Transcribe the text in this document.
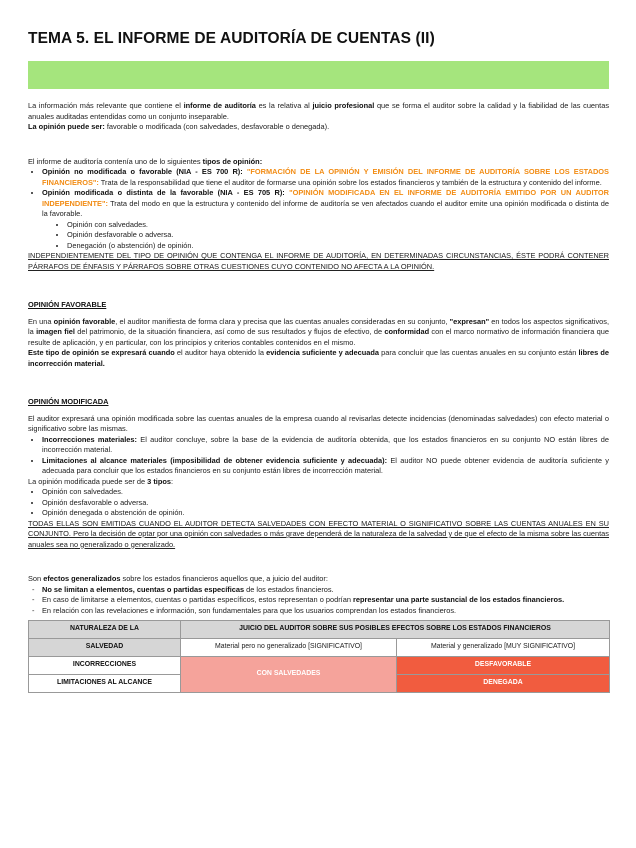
TEMA 5. EL INFORME DE AUDITORÍA DE CUENTAS (II)

La información más relevante que contiene el informe de auditoría es la relativa al juicio profesional que se forma el auditor sobre la calidad y la fiabilidad de las cuentas anuales auditadas entendidas como un conjunto inseparable.

La opinión puede ser: favorable o modificada (con salvedades, desfavorable o denegada).

El informe de auditoría contenía uno de lo siguientes tipos de opinión:

• Opinión no modificada o favorable (NIA - ES 700 R): "FORMACIÓN DE LA OPINIÓN Y EMISIÓN DEL INFORME DE AUDITORÍA SOBRE LOS ESTADOS FINANCIEROS": Trata de la responsabilidad que tiene el auditor de formarse una opinión sobre los estados financieros y también de la estructura y contenido del informe.
• Opinión modificada o distinta de la favorable (NIA - ES 705 R): "OPINIÓN MODIFICADA EN EL INFORME DE AUDITORÍA EMITIDO POR UN AUDITOR INDEPENDIENTE": Trata del modo en que la estructura y contenido del informe de auditoría se ven afectados cuando el auditor emite una opinión modificada o distinta de la favorable.
• Opinión con salvedades.
• Opinión desfavorable o adversa.
• Denegación (o abstención) de opinión.

INDEPENDIENTEMENTE DEL TIPO DE OPINIÓN QUE CONTENGA EL INFORME DE AUDITORÍA, EN DETERMINADAS CIRCUNSTANCIAS, ÉSTE PODRÁ CONTENER PÁRRAFOS DE ÉNFASIS Y PÁRRAFOS SOBRE OTRAS CUESTIONES CUYO CONTENIDO NO AFECTA A LA OPINIÓN.

OPINIÓN FAVORABLE

En una opinión favorable, el auditor manifiesta de forma clara y precisa que las cuentas anuales consideradas en su conjunto, "expresan" en todos los aspectos significativos, la imagen fiel del patrimonio, de la situación financiera, así como de sus resultados y flujos de efectivo, de conformidad con el marco normativo de información financiera que resulte de aplicación, y en particular, con los principios y criterios contables contenidos en el mismo.

Este tipo de opinión se expresará cuando el auditor haya obtenido la evidencia suficiente y adecuada para concluir que las cuentas anuales en su conjunto están libres de incorrección material.

OPINIÓN MODIFICADA

El auditor expresará una opinión modificada sobre las cuentas anuales de la empresa cuando al revisarlas detecte incidencias (denominadas salvedades) con efecto material o significativo sobre las mismas.

• Incorrecciones materiales: El auditor concluye, sobre la base de la evidencia de auditoría obtenida, que los estados financieros en su conjunto NO están libres de incorrección material.
• Limitaciones al alcance materiales (imposibilidad de obtener evidencia suficiente y adecuada): El auditor NO puede obtener evidencia de auditoría suficiente y adecuada para concluir que los estados financieros en su conjunto están libres de incorrección material.

La opinión modificada puede ser de 3 tipos:

• Opinión con salvedades.
• Opinión desfavorable o adversa.
• Opinión denegada o abstención de opinión.

TODAS ELLAS SON EMITIDAS CUANDO EL AUDITOR DETECTA SALVEDADES CON EFECTO MATERIAL O SIGNIFICATIVO SOBRE LAS CUENTAS ANUALES EN SU CONJUNTO. Pero la decisión de optar por una opinión con salvedades o más grave dependerá de la naturaleza de la salvedad y de que el efecto de la misma sobre las cuentas anuales sea no generalizado o generalizado.

Son efectos generalizados sobre los estados financieros aquellos que, a juicio del auditor:

- No se limitan a elementos, cuentas o partidas específicas de los estados financieros.
- En caso de limitarse a elementos, cuentas o partidas específicos, estos representan o podrían representar una parte sustancial de los estados financieros.
- En relación con las revelaciones e información, son fundamentales para que los usuarios comprendan los estados financieros.
NATURALEZA DE LA	JUICIO DEL AUDITOR SOBRE SUS POSIBLES EFECTOS SOBRE LOS ESTADOS FINANCIEROS	
SALVEDAD	Material pero no generalizado [SIGNIFICATIVO]	Material y generalizado [MUY SIGNIFICATIVO]
INCORRECCIONES	CON SALVEDADES	DESFAVORABLE
LIMITACIONES AL ALCANCE		DENEGADA
